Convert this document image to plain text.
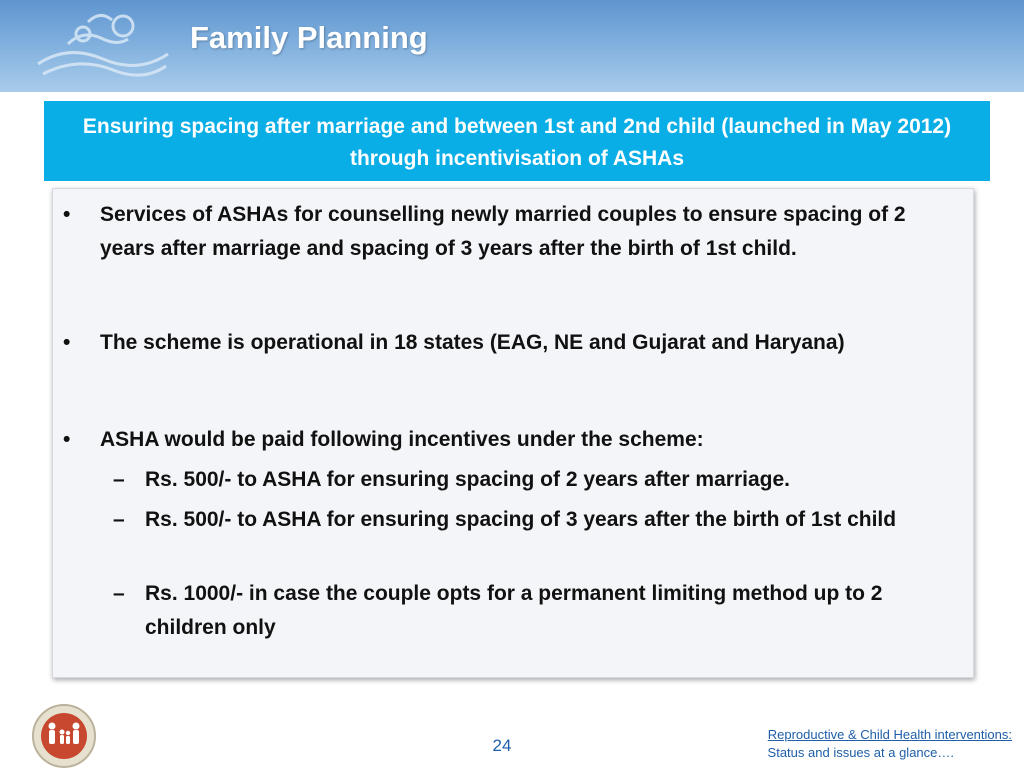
Family Planning
Ensuring spacing after marriage and between 1st and 2nd child (launched in May 2012) through incentivisation of ASHAs
• Services of ASHAs for counselling newly married couples to ensure spacing of 2 years after marriage and spacing of 3 years after the birth of 1st child.
• The scheme is operational in 18 states (EAG, NE and Gujarat and Haryana)
• ASHA would be paid following incentives under the scheme:
– Rs. 500/- to ASHA for ensuring spacing of 2 years after marriage.
– Rs. 500/- to ASHA for ensuring spacing of 3 years after the birth of 1st child
– Rs. 1000/- in case the couple opts for a permanent limiting method up to 2 children only
24
Reproductive & Child Health interventions:
Status and issues at a glance….
